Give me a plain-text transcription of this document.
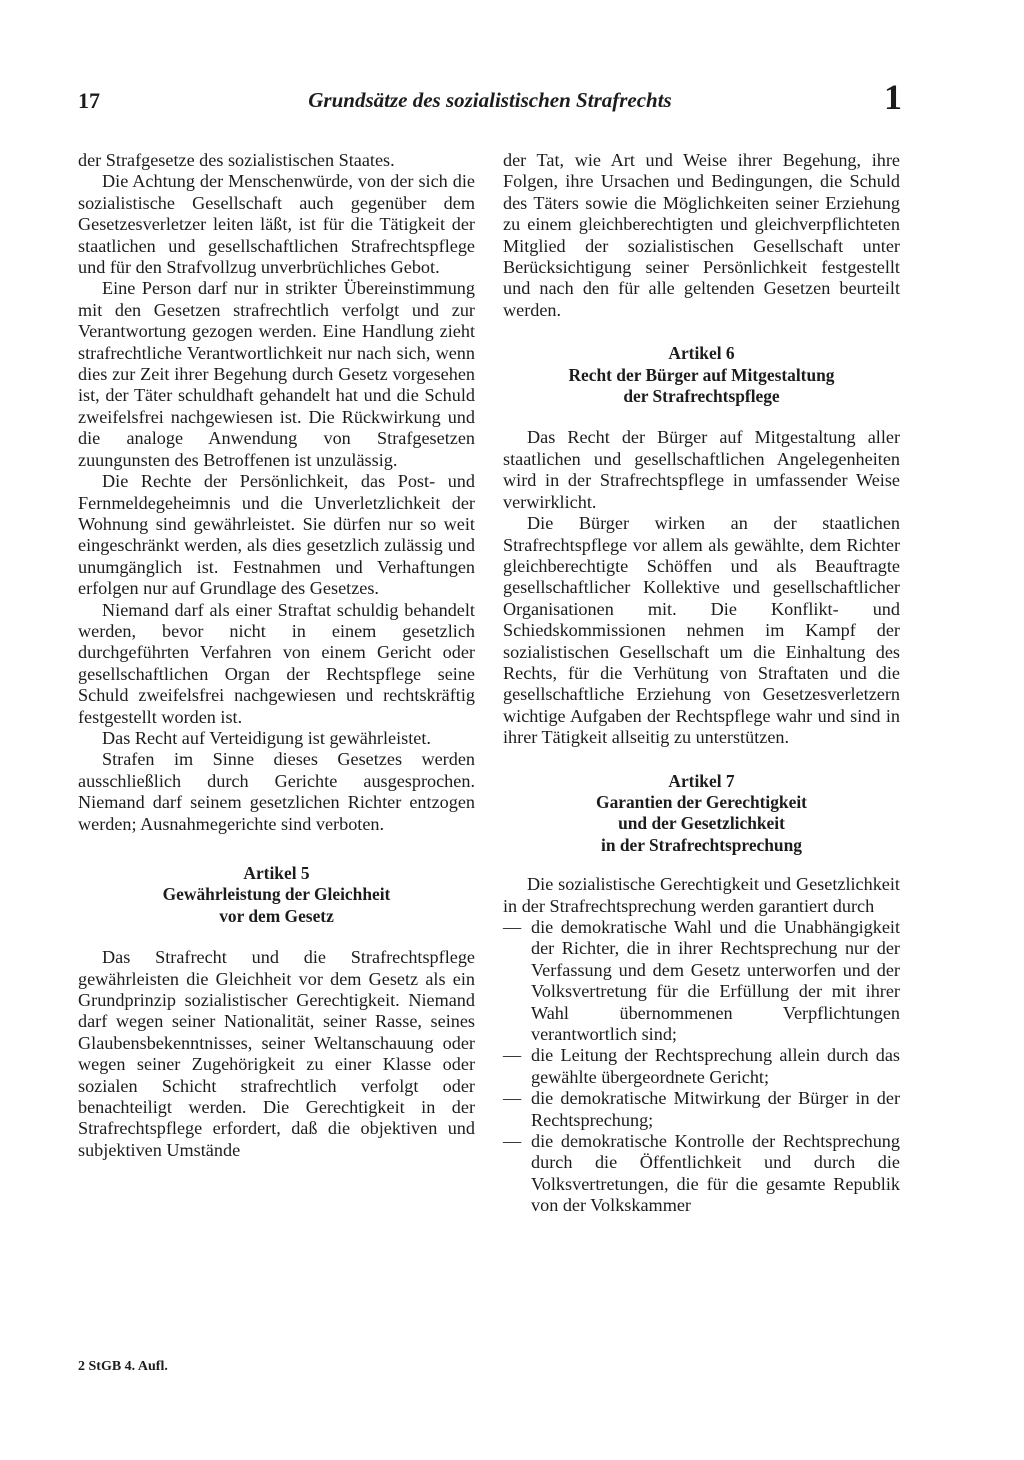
17	Grundsätze des sozialistischen Strafrechts	1

der Strafgesetze des sozialistischen Staates.

Die Achtung der Menschenwürde, von der sich die sozialistische Gesellschaft auch gegenüber dem Gesetzesverletzer leiten läßt, ist für die Tätigkeit der staatlichen und gesellschaftlichen Strafrechtspflege und für den Strafvollzug unverbrüchliches Gebot.

Eine Person darf nur in strikter Übereinstimmung mit den Gesetzen strafrechtlich verfolgt und zur Verantwortung gezogen werden. Eine Handlung zieht strafrechtliche Verantwortlichkeit nur nach sich, wenn dies zur Zeit ihrer Begehung durch Gesetz vorgesehen ist, der Täter schuldhaft gehandelt hat und die Schuld zweifelsfrei nachgewiesen ist. Die Rückwirkung und die analoge Anwendung von Strafgesetzen zuungunsten des Betroffenen ist unzulässig.

Die Rechte der Persönlichkeit, das Post- und Fernmeldegeheimnis und die Unverletzlichkeit der Wohnung sind gewährleistet. Sie dürfen nur so weit eingeschränkt werden, als dies gesetzlich zulässig und unumgänglich ist. Festnahmen und Verhaftungen erfolgen nur auf Grundlage des Gesetzes.

Niemand darf als einer Straftat schuldig behandelt werden, bevor nicht in einem gesetzlich durchgeführten Verfahren von einem Gericht oder gesellschaftlichen Organ der Rechtspflege seine Schuld zweifelsfrei nachgewiesen und rechtskräftig festgestellt worden ist.

Das Recht auf Verteidigung ist gewährleistet.

Strafen im Sinne dieses Gesetzes werden ausschließlich durch Gerichte ausgesprochen. Niemand darf seinem gesetzlichen Richter entzogen werden; Ausnahmegerichte sind verboten.

Artikel 5
Gewährleistung der Gleichheit
vor dem Gesetz

Das Strafrecht und die Strafrechtspflege gewährleisten die Gleichheit vor dem Gesetz als ein Grundprinzip sozialistischer Gerechtigkeit. Niemand darf wegen seiner Nationalität, seiner Rasse, seines Glaubensbekenntnisses, seiner Weltanschauung oder wegen seiner Zugehörigkeit zu einer Klasse oder sozialen Schicht strafrechtlich verfolgt oder benachteiligt werden. Die Gerechtigkeit in der Strafrechtspflege erfordert, daß die objektiven und subjektiven Umstände

der Tat, wie Art und Weise ihrer Begehung, ihre Folgen, ihre Ursachen und Bedingungen, die Schuld des Täters sowie die Möglichkeiten seiner Erziehung zu einem gleichberechtigten und gleichverpflichteten Mitglied der sozialistischen Gesellschaft unter Berücksichtigung seiner Persönlichkeit festgestellt und nach den für alle geltenden Gesetzen beurteilt werden.

Artikel 6
Recht der Bürger auf Mitgestaltung
der Strafrechtspflege

Das Recht der Bürger auf Mitgestaltung aller staatlichen und gesellschaftlichen Angelegenheiten wird in der Strafrechtspflege in umfassender Weise verwirklicht.

Die Bürger wirken an der staatlichen Strafrechtspflege vor allem als gewählte, dem Richter gleichberechtigte Schöffen und als Beauftragte gesellschaftlicher Kollektive und gesellschaftlicher Organisationen mit. Die Konflikt- und Schiedskommissionen nehmen im Kampf der sozialistischen Gesellschaft um die Einhaltung des Rechts, für die Verhütung von Straftaten und die gesellschaftliche Erziehung von Gesetzesverletzern wichtige Aufgaben der Rechtspflege wahr und sind in ihrer Tätigkeit allseitig zu unterstützen.

Artikel 7
Garantien der Gerechtigkeit
und der Gesetzlichkeit
in der Strafrechtsprechung

Die sozialistische Gerechtigkeit und Gesetzlichkeit in der Strafrechtsprechung werden garantiert durch

— die demokratische Wahl und die Unabhängigkeit der Richter, die in ihrer Rechtsprechung nur der Verfassung und dem Gesetz unterworfen und der Volksvertretung für die Erfüllung der mit ihrer Wahl übernommenen Verpflichtungen verantwortlich sind;
— die Leitung der Rechtsprechung allein durch das gewählte übergeordnete Gericht;
— die demokratische Mitwirkung der Bürger in der Rechtsprechung;
— die demokratische Kontrolle der Rechtsprechung durch die Öffentlichkeit und durch die Volksvertretungen, die für die gesamte Republik von der Volkskammer
2 StGB 4. Aufl.
